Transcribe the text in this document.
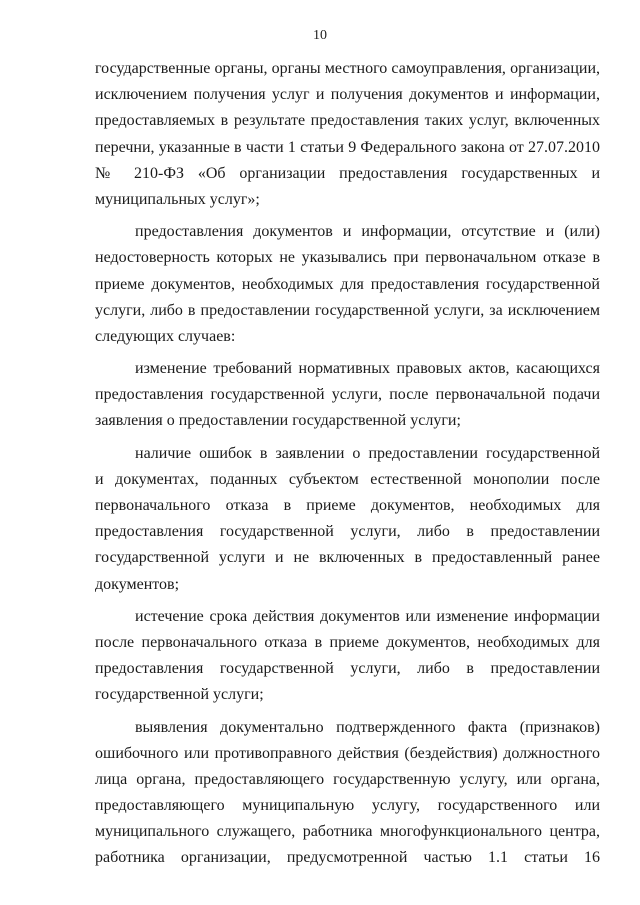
10
государственные органы, органы местного самоуправления, организации,
исключением получения услуг и получения документов и информации,
предоставляемых в результате предоставления таких услуг, включенных
перечни, указанные в части 1 статьи 9 Федерального закона от 27.07.2010
№ 210-ФЗ «Об организации предоставления государственных и
муниципальных услуг»;
предоставления документов и информации, отсутствие и (или)
недостоверность которых не указывались при первоначальном отказе в
приеме документов, необходимых для предоставления государственной
услуги, либо в предоставлении государственной услуги, за исключением
следующих случаев:
изменение требований нормативных правовых актов, касающихся
предоставления государственной услуги, после первоначальной подачи
заявления о предоставлении государственной услуги;
наличие ошибок в заявлении о предоставлении государственной
и документах, поданных субъектом естественной монополии после
первоначального отказа в приеме документов, необходимых для
предоставления государственной услуги, либо в предоставлении
государственной услуги и не включенных в предоставленный ранее
документов;
истечение срока действия документов или изменение информации
после первоначального отказа в приеме документов, необходимых для
предоставления государственной услуги, либо в предоставлении
государственной услуги;
выявления документально подтвержденного факта (признаков)
ошибочного или противоправного действия (бездействия) должностного
лица органа, предоставляющего государственную услугу, или органа,
предоставляющего муниципальную услугу, государственного или
муниципального служащего, работника многофункционального центра,
работника организации, предусмотренной частью 1.1 статьи 16
